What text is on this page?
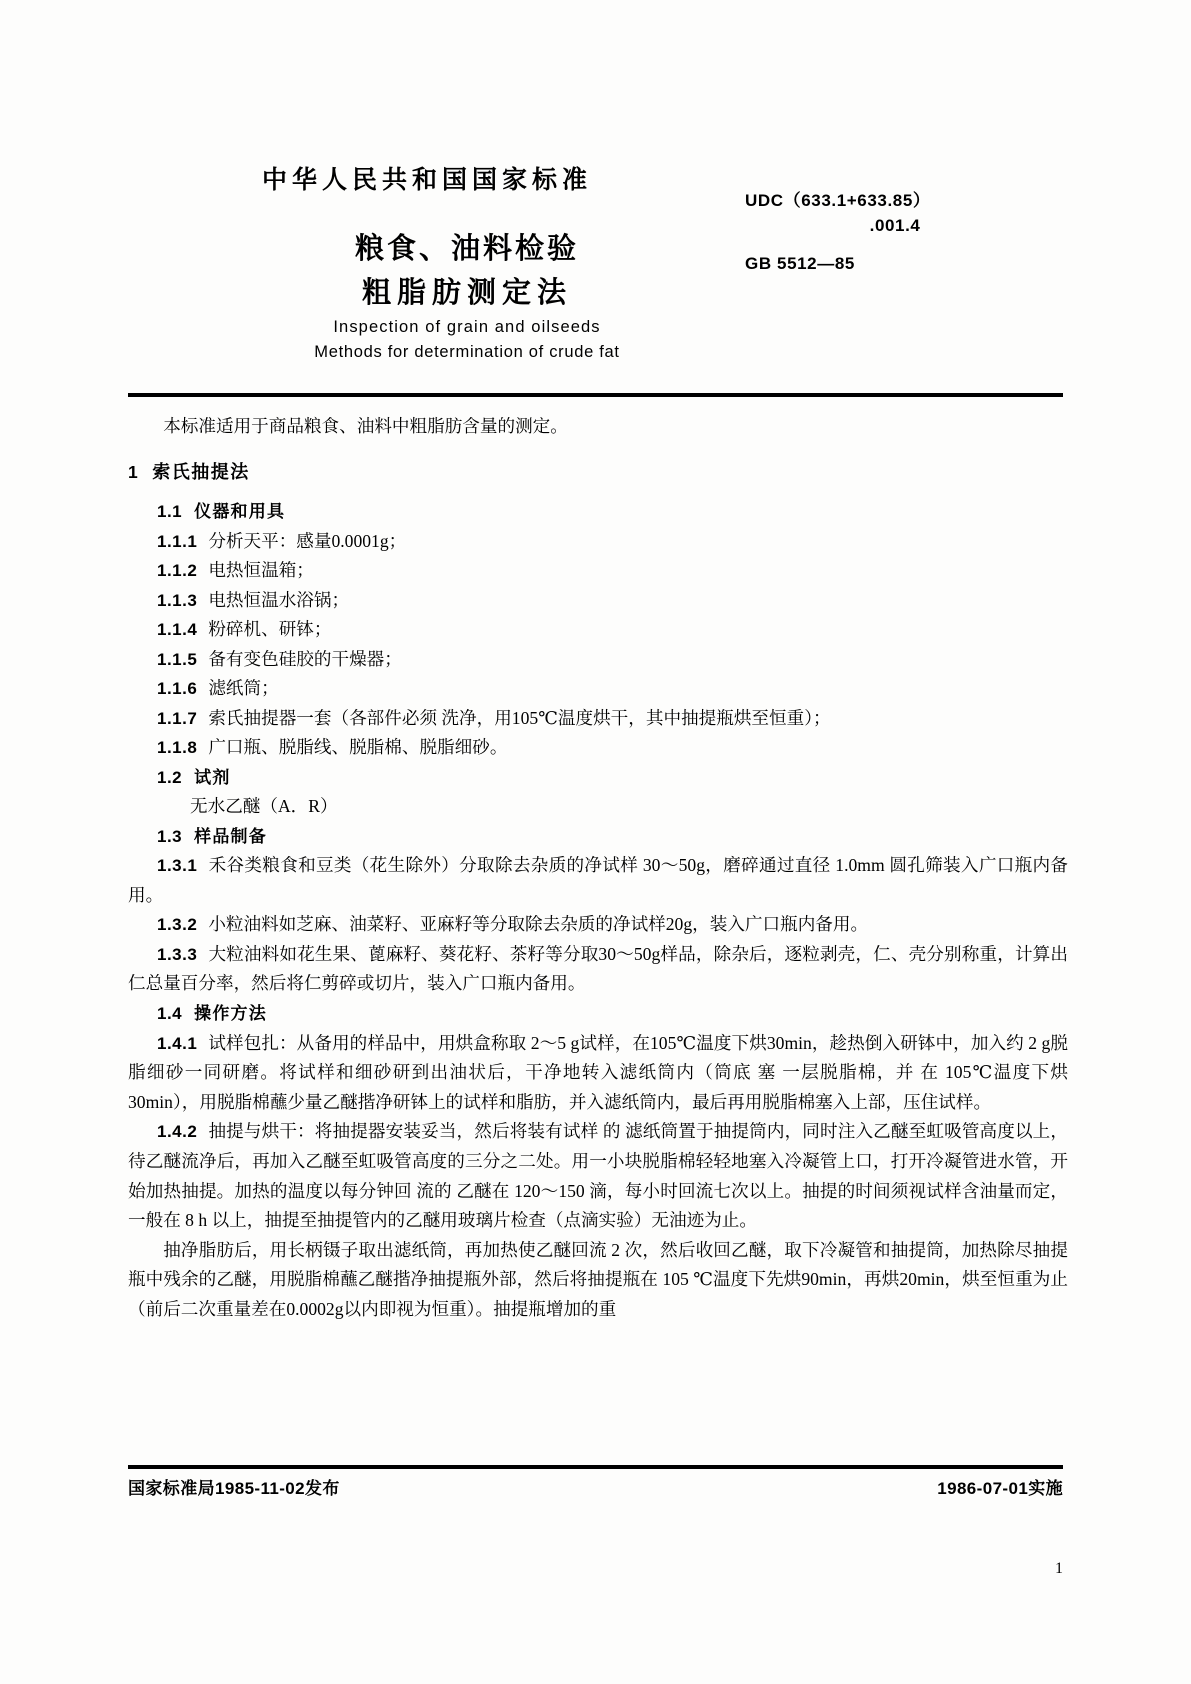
中华人民共和国国家标准
粮食、油料检验
粗脂肪测定法
Inspection of grain and oilseeds
Methods for determination of crude fat
UDC（633.1+633.85）
.001.4
GB 5512—85

本标准适用于商品粮食、油料中粗脂肪含量的测定。

1 索氏抽提法
1.1 仪器和用具
1.1.1 分析天平：感量0.0001g；
1.1.2 电热恒温箱；
1.1.3 电热恒温水浴锅；
1.1.4 粉碎机、研钵；
1.1.5 备有变色硅胶的干燥器；
1.1.6 滤纸筒；
1.1.7 索氏抽提器一套（各部件必须 洗净，用105℃温度烘干，其中抽提瓶烘至恒重）；
1.1.8 广口瓶、脱脂线、脱脂棉、脱脂细砂。
1.2 试剂
无水乙醚（A．R）
1.3 样品制备

1.3.1 禾谷类粮食和豆类（花生除外）分取除去杂质的净试样 30～50g，磨碎通过直径 1.0mm 圆孔筛装入广口瓶内备用。

1.3.2 小粒油料如芝麻、油菜籽、亚麻籽等分取除去杂质的净试样20g，装入广口瓶内备用。

1.3.3 大粒油料如花生果、蓖麻籽、葵花籽、茶籽等分取30～50g样品，除杂后，逐粒剥壳，仁、壳分别称重，计算出仁总量百分率，然后将仁剪碎或切片，装入广口瓶内备用。

1.4 操作方法

1.4.1 试样包扎：从备用的样品中，用烘盒称取 2～5 g试样，在105℃温度下烘30min，趁热倒入研钵中，加入约 2 g脱脂细砂一同研磨。将试样和细砂研到出油状后，干净地转入滤纸筒内（筒底 塞 一层脱脂棉，并 在 105℃温度下烘30min），用脱脂棉蘸少量乙醚揩净研钵上的试样和脂肪，并入滤纸筒内，最后再用脱脂棉塞入上部，压住试样。

1.4.2 抽提与烘干：将抽提器安装妥当，然后将装有试样 的 滤纸筒置于抽提筒内，同时注入乙醚至虹吸管高度以上，待乙醚流净后，再加入乙醚至虹吸管高度的三分之二处。用一小块脱脂棉轻轻地塞入冷凝管上口，打开冷凝管进水管，开始加热抽提。加热的温度以每分钟回 流的 乙醚在 120～150 滴，每小时回流七次以上。抽提的时间须视试样含油量而定，一般在 8 h 以上，抽提至抽提管内的乙醚用玻璃片检查（点滴实验）无油迹为止。

抽净脂肪后，用长柄镊子取出滤纸筒，再加热使乙醚回流 2 次，然后收回乙醚，取下冷凝管和抽提筒，加热除尽抽提瓶中残余的乙醚，用脱脂棉蘸乙醚揩净抽提瓶外部，然后将抽提瓶在 105 ℃温度下先烘90min，再烘20min，烘至恒重为止（前后二次重量差在0.0002g以内即视为恒重）。抽提瓶增加的重

国家标准局1985-11-02发布	1986-07-01实施
1
